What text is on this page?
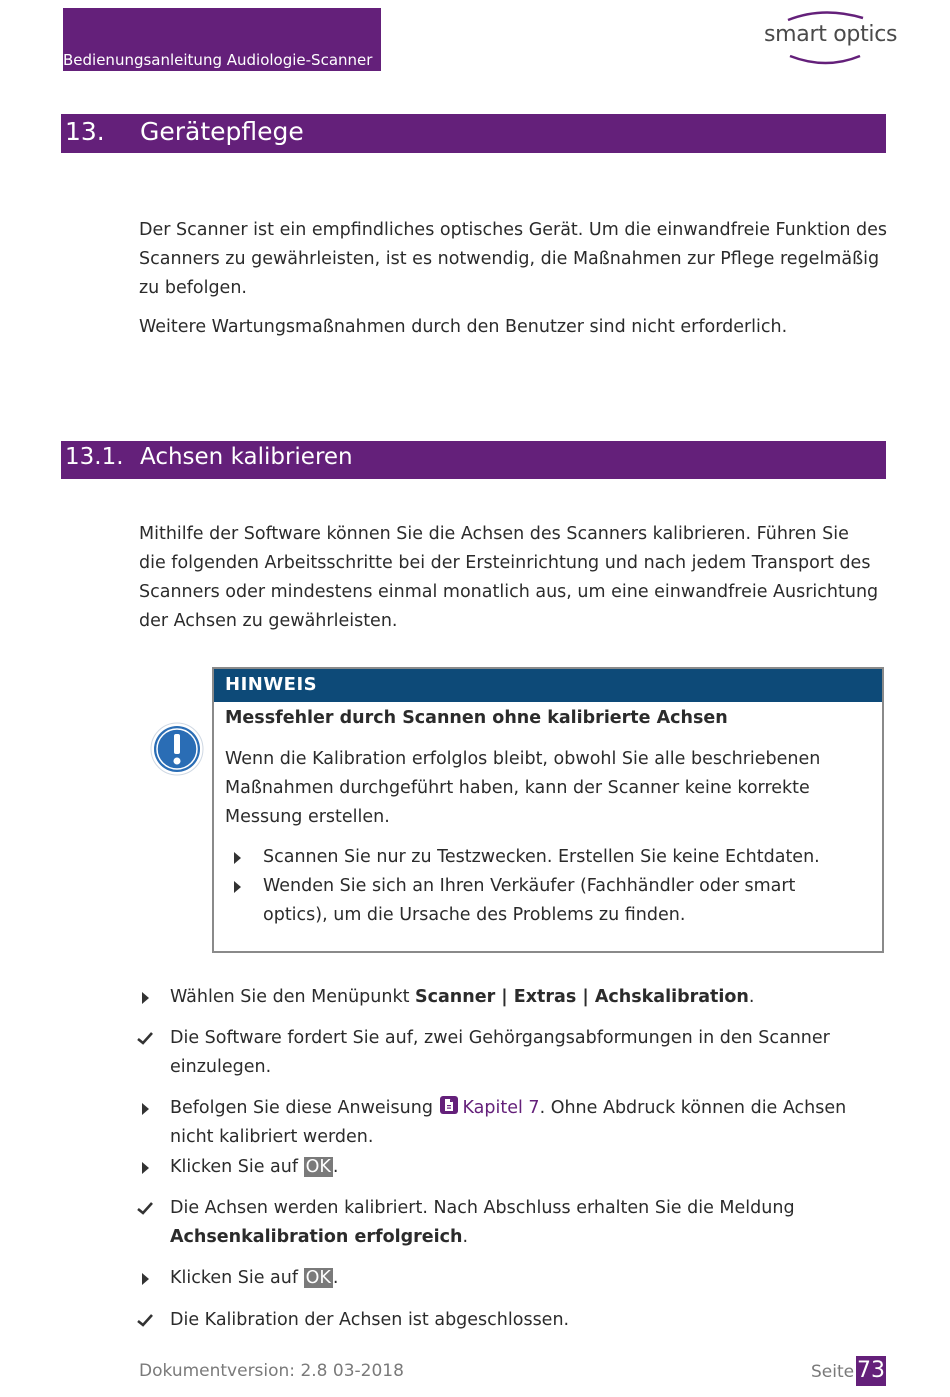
Bedienungsanleitung Audiologie-Scanner
smart optics
13. Gerätepflege

Der Scanner ist ein empfindliches optisches Gerät. Um die einwandfreie Funktion des Scanners zu gewährleisten, ist es notwendig, die Maßnahmen zur Pflege regelmäßig zu befolgen.

Weitere Wartungsmaßnahmen durch den Benutzer sind nicht erforderlich.

13.1. Achsen kalibrieren

Mithilfe der Software können Sie die Achsen des Scanners kalibrieren. Führen Sie die folgenden Arbeitsschritte bei der Ersteinrichtung und nach jedem Transport des Scanners oder mindestens einmal monatlich aus, um eine einwandfreie Ausrichtung der Achsen zu gewährleisten.

HINWEIS
Messfehler durch Scannen ohne kalibrierte Achsen

Wenn die Kalibration erfolglos bleibt, obwohl Sie alle beschriebenen Maßnahmen durchgeführt haben, kann der Scanner keine korrekte Messung erstellen.

Scannen Sie nur zu Testzwecken. Erstellen Sie keine Echtdaten.
Wenden Sie sich an Ihren Verkäufer (Fachhändler oder smart optics), um die Ursache des Problems zu finden.
Wählen Sie den Menüpunkt Scanner | Extras | Achskalibration.
Die Software fordert Sie auf, zwei Gehörgangsabformungen in den Scanner einzulegen.
Befolgen Sie diese Anweisung Kapitel 7. Ohne Abdruck können die Achsen nicht kalibriert werden.
Klicken Sie auf OK .
Die Achsen werden kalibriert. Nach Abschluss erhalten Sie die Meldung Achsenkalibration erfolgreich.
Klicken Sie auf OK .
Die Kalibration der Achsen ist abgeschlossen.
Dokumentversion: 2.8 03-2018	Seite 73
